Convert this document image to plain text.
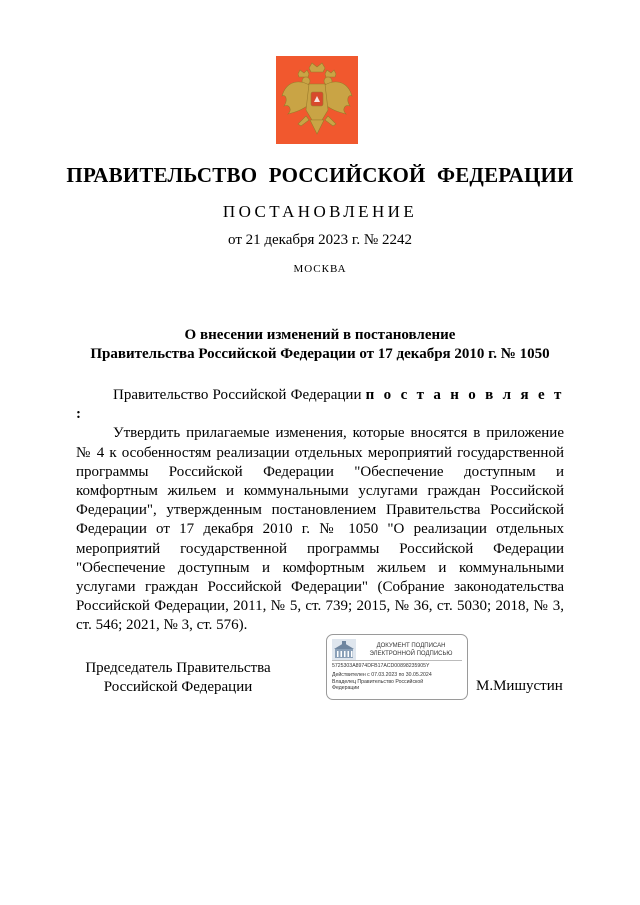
ПРАВИТЕЛЬСТВО РОССИЙСКОЙ ФЕДЕРАЦИИ
ПОСТАНОВЛЕНИЕ
от 21 декабря 2023 г. № 2242
МОСКВА
О внесении изменений в постановление
Правительства Российской Федерации от 17 декабря 2010 г. № 1050

Правительство Российской Федерации п о с т а н о в л я е т :

Утвердить прилагаемые изменения, которые вносятся в приложение № 4 к особенностям реализации отдельных мероприятий государственной программы Российской Федерации "Обеспечение доступным и комфортным жильем и коммунальными услугами граждан Российской Федерации", утвержденным постановлением Правительства Российской Федерации от 17 декабря 2010 г. № 1050 "О реализации отдельных мероприятий государственной программы Российской Федерации "Обеспечение доступным и комфортным жильем и коммунальными услугами граждан Российской Федерации" (Собрание законодательства Российской Федерации, 2011, № 5, ст. 739; 2015, № 36, ст. 5030; 2018, № 3, ст. 546; 2021, № 3, ст. 576).

Председатель Правительства
Российской Федерации
ДОКУМЕНТ ПОДПИСАН
ЭЛЕКТРОННОЙ ПОДПИСЬЮ
5725303A8974DFB17ACD00898235905Y
Действителен с 07.03.2023 по 30.05.2024
Владелец Правительство Российской
Федерации	М.Мишустин
